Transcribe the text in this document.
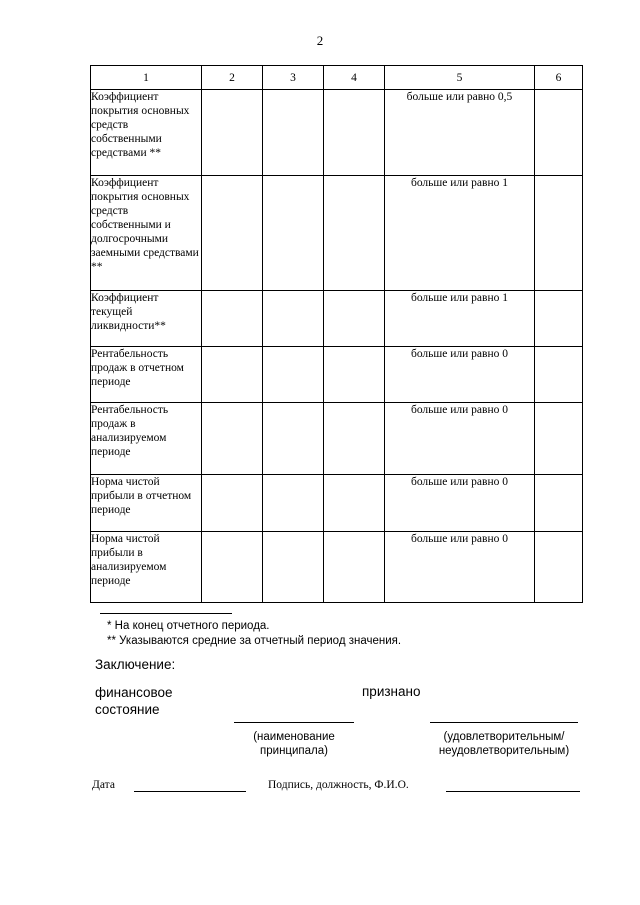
2
1	2	3	4	5	6
Коэффициент покрытия основных средств собственными средствами **				больше или равно 0,5	
Коэффициент покрытия основных средств собственными и долгосрочными заемными средствами **				больше или равно 1	
Коэффициент текущей ликвидности**				больше или равно 1	
Рентабельность продаж в отчетном периоде				больше или равно 0	
Рентабельность продаж в анализируемом периоде				больше или равно 0	
Норма чистой прибыли в отчетном периоде				больше или равно 0	
Норма чистой прибыли в анализируемом периоде				больше или равно 0	
* На конец отчетного периода.
** Указываются средние за отчетный период значения.
Заключение:
финансовое состояние
признано
(наименование принципала)
(удовлетворительным/ неудовлетворительным)
Дата	Подпись, должность, Ф.И.О.
